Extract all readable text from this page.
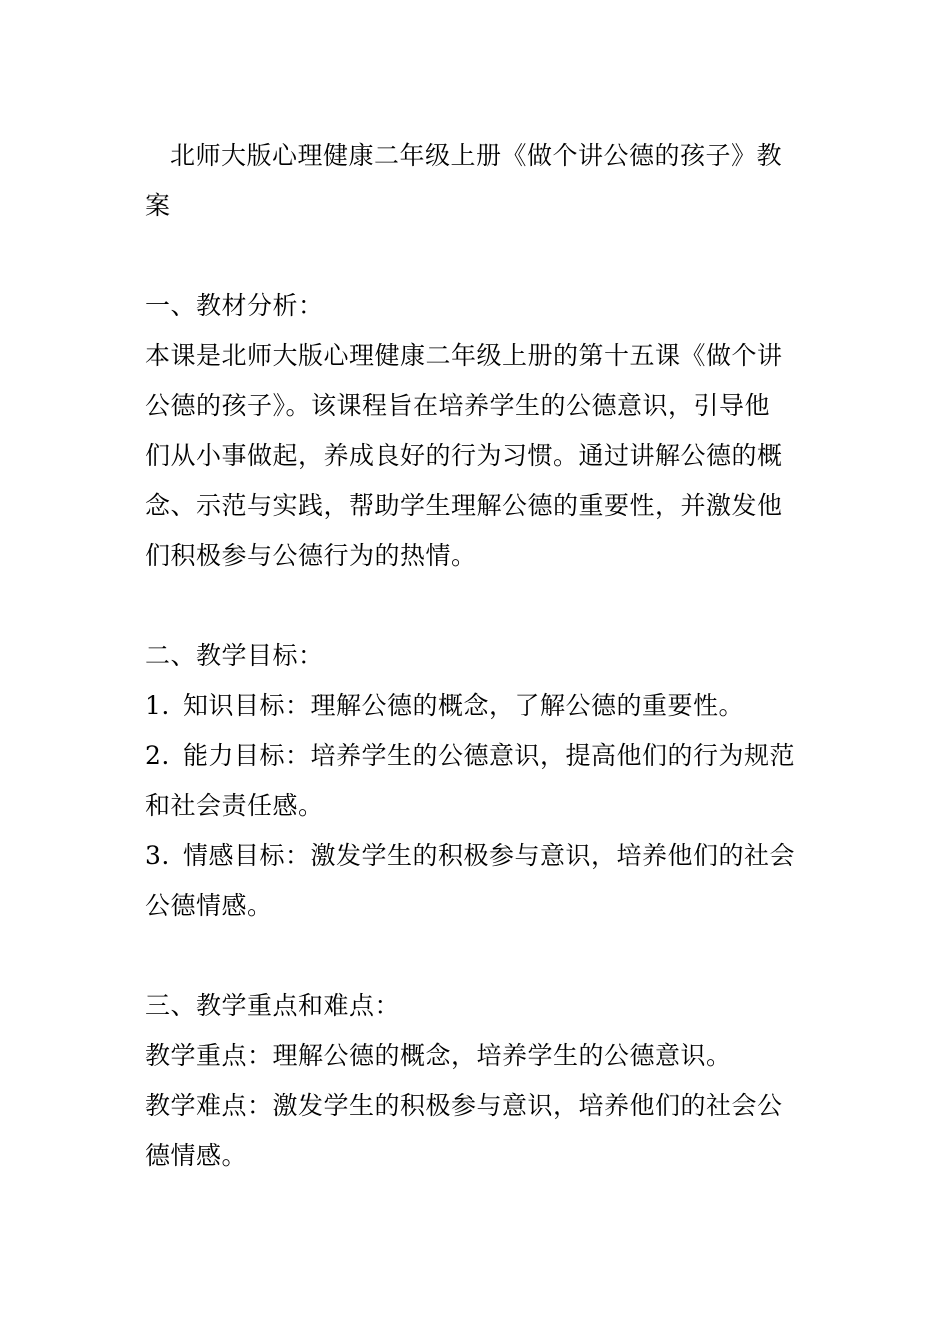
北师大版心理健康二年级上册《做个讲公德的孩子》教
案
一、教材分析：
本课是北师大版心理健康二年级上册的第十五课《做个讲
公德的孩子》。该课程旨在培养学生的公德意识，引导他
们从小事做起，养成良好的行为习惯。通过讲解公德的概
念、示范与实践，帮助学生理解公德的重要性，并激发他
们积极参与公德行为的热情。
二、教学目标：
1. 知识目标：理解公德的概念，了解公德的重要性。
2. 能力目标：培养学生的公德意识，提高他们的行为规范
和社会责任感。
3. 情感目标：激发学生的积极参与意识，培养他们的社会
公德情感。
三、教学重点和难点：
教学重点：理解公德的概念，培养学生的公德意识。
教学难点：激发学生的积极参与意识，培养他们的社会公
德情感。
